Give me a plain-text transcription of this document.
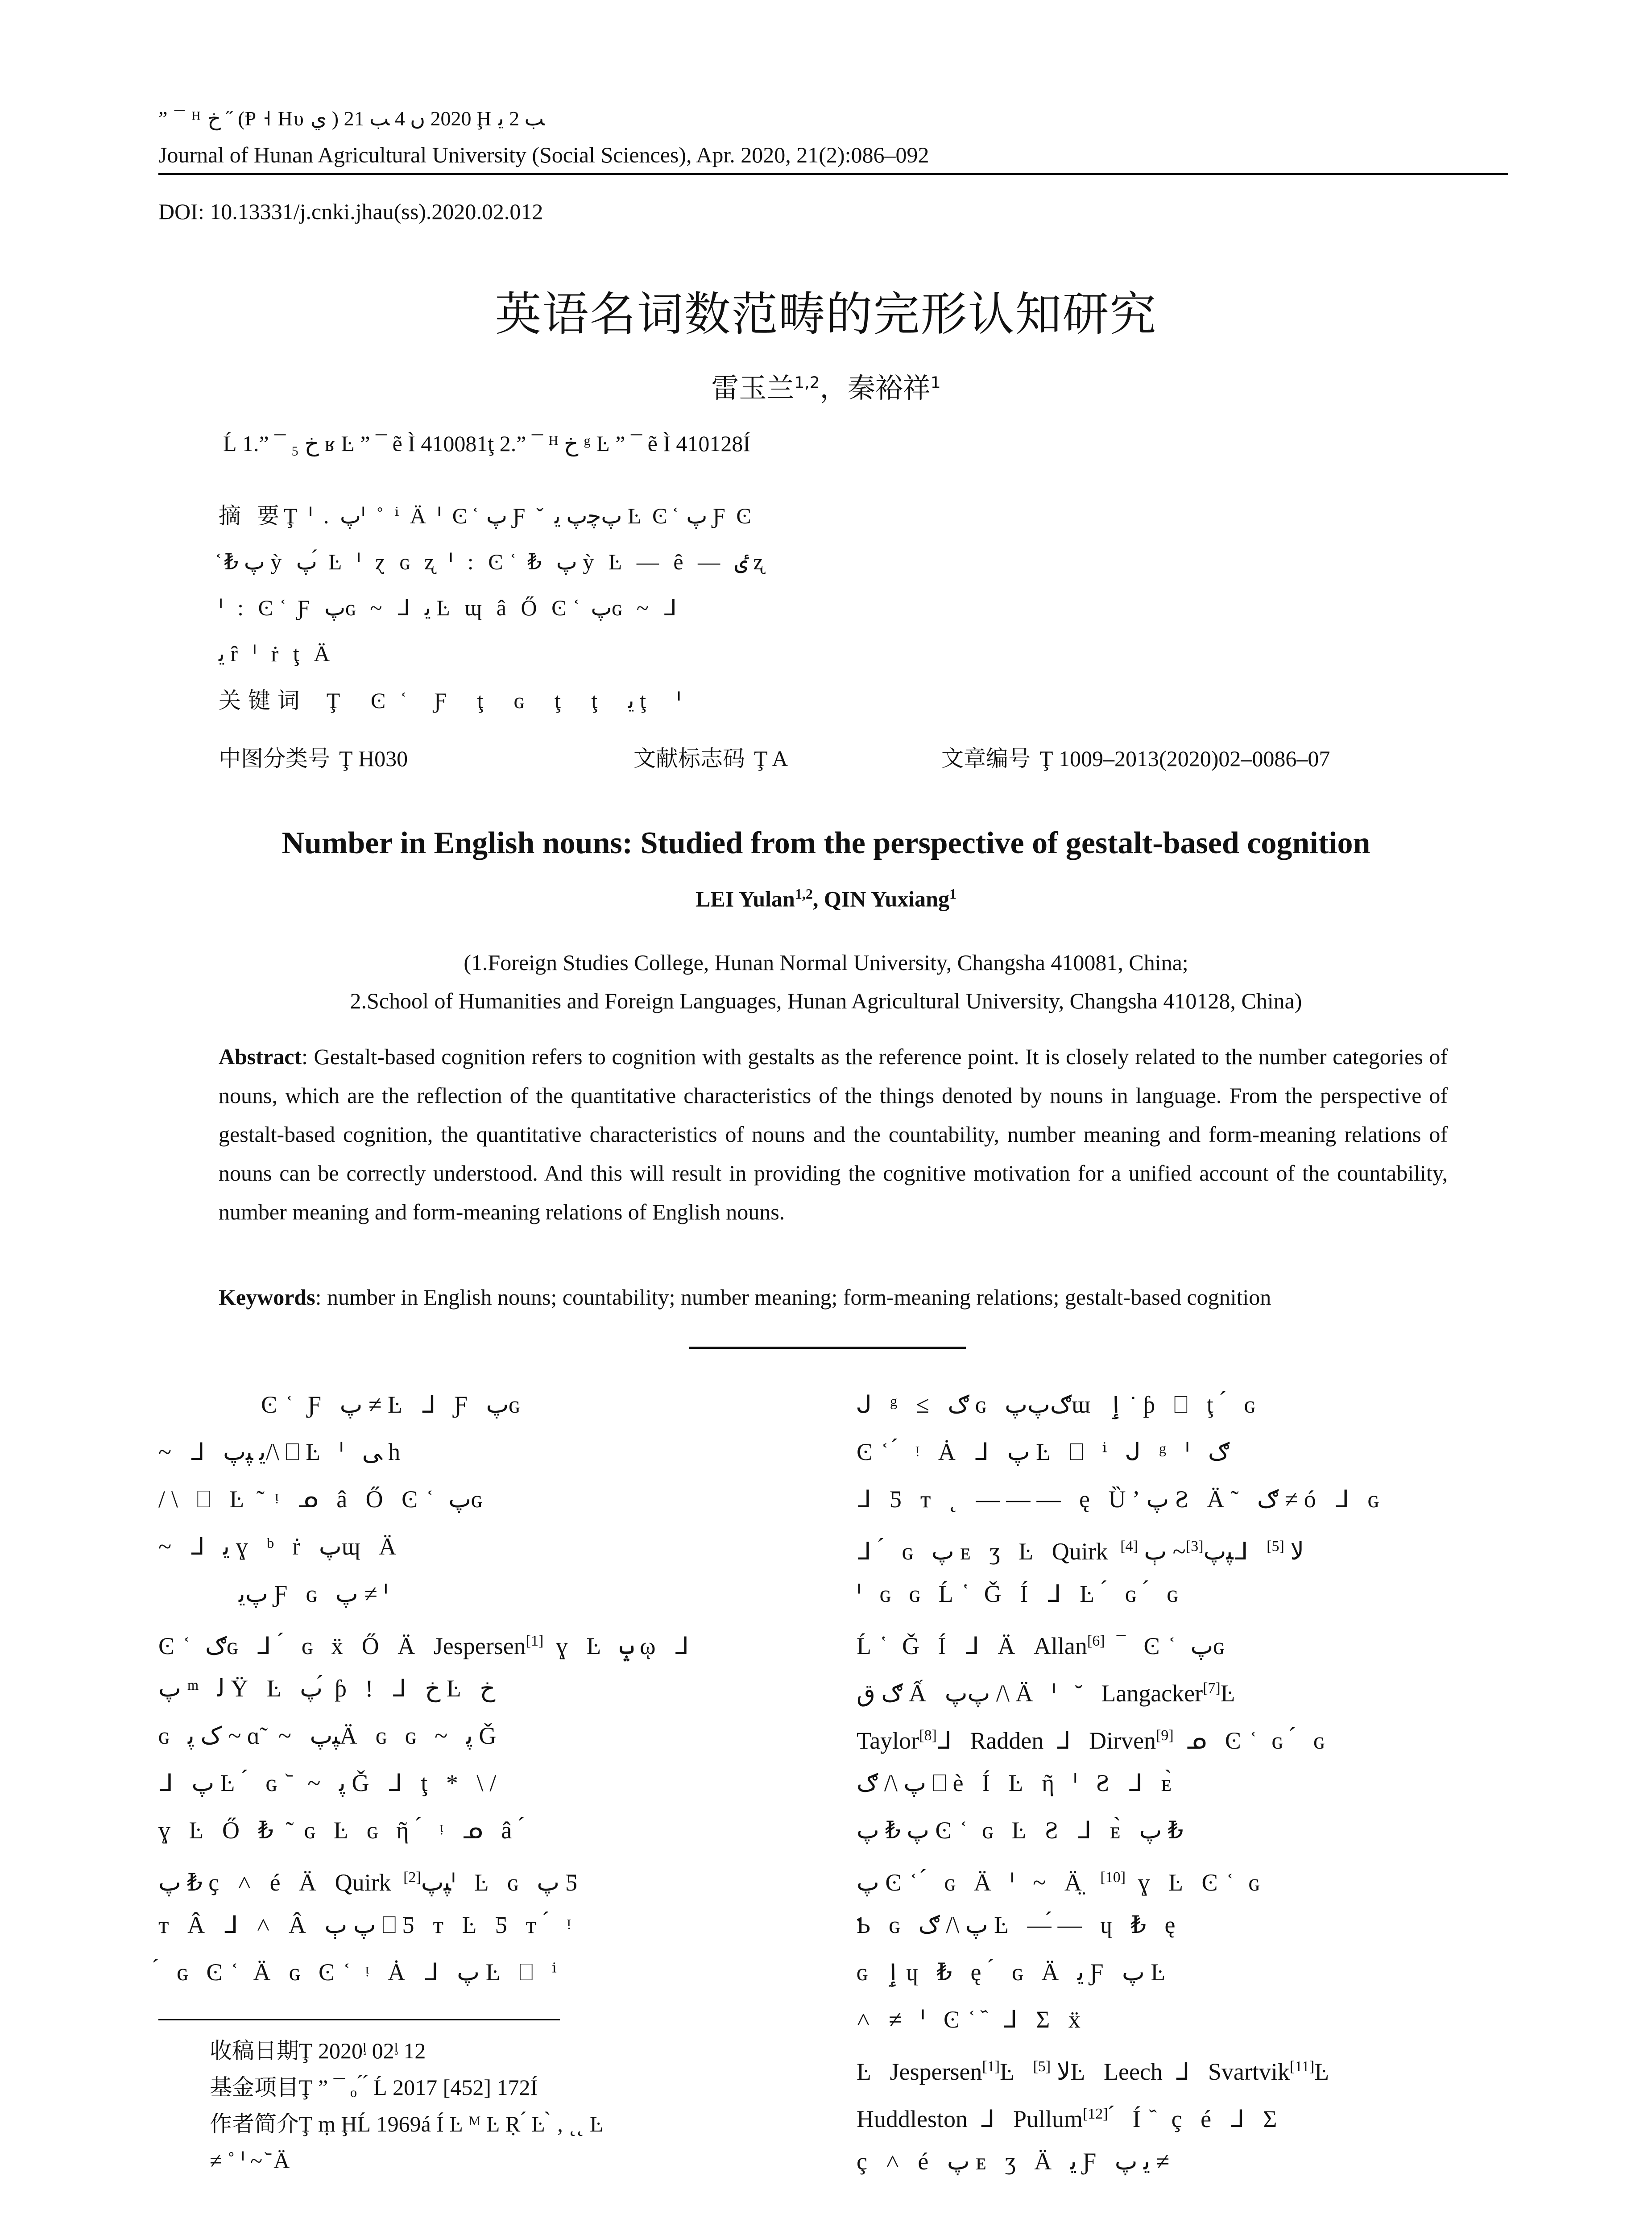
” ¯ ᴴ ﺥ ˝ (Ᵽ ˧ Hυ ي ) 2020 ں 4 ﺐ 21 Ḩ ﺐ 2 ﯾ
Journal of Hunan Agricultural University (Social Sciences), Apr. 2020, 21(2):086–092
DOI: 10.13331/j.cnki.jhau(ss).2020.02.012
英语名词数范畴的完形认知研究
雷玉兰$^{1,2}$，秦裕祥$^1$
Ĺ 1.” ¯ ₅ ﺥ ʁ Ŀ ” ¯ ẽ Ì 410081ţ 2.” ¯ ᴴ ﺥ ᵍ Ŀ ” ¯ ẽ Ì 410128Í
摘 要Ţ ᑊ . ﭖᑊ ˚ ⁱ Ä ᑊ Ͼ ᷾ ﭖ Ƒ ˇ ﭖﭼﭖ ﯾ Ŀ Ͼ ᷾ ﭖ Ƒ Ͼ
᷾ ₺ ﭖ ỳ ﭖ ́ Ŀ ᑊ ɀ ɢ ʐ ᑊ : Ͼ ᷾ ₺ ﭖ ỳ Ŀ — ȇ — ٸ ʐ
ᑊ : Ͼ ᷾ Ƒ ﭖɢ ~ ᒧ ﯾ Ŀ ɰ â Ő Ͼ ᷾ ﭖɢ ~ ᒧ
ﯾ ȓ ᑊ ṙ ţ Ä
关 键 词 Ţ Ͼ ᷾ Ƒ ţ ɢ ţ ţ ﯾ ţ ᑊ
中图分类号 Ţ H030	文献标志码 Ţ A	文章编号 Ţ 1009–2013(2020)02–0086–07
Number in English nouns: Studied from the perspective of gestalt-based cognition
LEI Yulan$^{1,2}$, QIN Yuxiang$^1$
(1.Foreign Studies College, Hunan Normal University, Changsha 410081, China;
2.School of Humanities and Foreign Languages, Hunan Agricultural University, Changsha 410128, China)
Abstract: Gestalt-based cognition refers to cognition with gestalts as the reference point. It is closely related to the number categories of nouns, which are the reflection of the quantitative characteristics of the things denoted by nouns in language. From the perspective of gestalt-based cognition, the quantitative characteristics of nouns and the countability, number meaning and form-meaning relations of nouns can be correctly understood. And this will result in providing the cognitive motivation for a unified account of the countability, number meaning and form-meaning relations of English nouns.
Keywords: number in English nouns; countability; number meaning; form-meaning relations; gestalt-based cognition
Ͼ ᷾ Ƒ ﭖ ≠ Ŀ ᒧ Ƒ ﭖɢ
~ ᒧ ﯾ ﭙﭖ/\ ⎕ Ŀ ᑊ ﯽ h
/\ ⎕ Ŀ ̃ ᵎ ᓄ â Ő Ͼ ᷾ ﭖɢ
~ ᒧ ﯾ ɣ ᵇ ṙ ﭖɰ Ä
ﭖﯾ Ƒ ɢ ﭖ ≠ ᑊ
Ͼ ᷾ ګɢ ᒧ ́ ɢ ẍ Ő Ä Jespersen[1] ɣ Ŀ ݒ ῳ ᒧ
ﭖ ᵐ ﻟ Ÿ Ŀ ﭖ ́ ƥ ! ᒧ ﺥ Ŀ ﺥ
ɢ ک ﭘ ~ ɑ̃ ~ ﭙﭖÄ ɢ ɢ ~ ﭘ Ǧ
ᒧ ﭖ Ŀ ́ ɢ ᷅ ~ ﭘ Ǧ ᒧ ţ * \/
ɣ Ŀ Ő ₺ ̃ ɢ Ŀ ɢ ῆ ́ ᵎ ᓄ â ́
ﭖ ₺ ҫ ˄ é Ä Quirk ﭙﭖ[2] ᑊ Ŀ ɢ ﭖ Ƽ
ᴛ Â ᒧ ˄ Â ﭖ ﭒ ⎕ Ƽ ᴛ Ŀ Ƽ ᴛ ́ ᵎ
́ ɢ Ͼ ᷾ Ä ɢ Ͼ ᷾ ᵎ Ȧ ᒧ ﭖ Ŀ ⎕ ⁱ
ᒍ ᵍ ≤ ګ ɢ ګﭖﭖɯ ٳ ˙ ƥ ⎕ ţ ́ ɢ
Ͼ ᷾ ́ ᵎ Ȧ ᒧ ﭖ Ŀ ⎕ ⁱ ᒍ ᵍ ᑊ ګ
ᒧ Ƽ ᴛ ˛ ——— ę Ȕ’ﭖ Ƨ Ä˜ ګ ≠ ó ᒧ ɢ
ᒧ ́ ɢ ﭖ ᴇ ʒ Ŀ Quirk ﭙﭖ[3]~ ٻ [4]	ᒧ ﻻ [5]
ᑊ ɢ ɢ Ĺ ̔ Ǧ Í ᒧ Ŀ ́ ɢ ́ ɢ
Ĺ ̔ Ǧ Í ᒧ Ä Allan[6] ‾ Ͼ ᷾ ﭖɢ
ګ ق Ấ ﭖﭖ /\ Ä ᑊ ˘ Langacker[7]Ŀ
Taylor[8]ᒧ Radden ᒧ Dirven[9] ᓄ Ͼ ᷾ ɢ ́ ɢ
ﭖ \/ ګ ⎕ è Í Ŀ ῆ ᑊ Ƨ ᒧ ᴇ̀
ﭖ ₺ ﭖ Ͼ ᷾ ɢ Ŀ Ƨ ᒧ ᴇ̀ ﭖ ₺
ﭖ Ͼ ᷾ ́ ɢ Ä ᑊ ~ Ä̤ [10] ɣ Ŀ Ͼ ᷾ ɢ
Ƅ ɢ ﭖ \/ ګ Ŀ —́— ɥ ₺ ę
ɢ ٳ ɥ ₺ ę ́ ɢ Ä ﯾ Ƒ ﭖ Ŀ
˄ ≠ ᑊ Ͼ ᷾ ᷈ ᒧ Σ ẍ
Ŀ Jespersen[1]Ŀ ﻻ [5] Ŀ Leech ᒧ Svartvik[11]Ŀ
Huddleston ᒧ Pullum[12] ́ Í ᷈ ç é ᒧ Σ
ç ˄ é ﭖ ᴇ ʒ Ä ﯾ Ƒ ﯾ ﭖ ≠
收稿日期Ţ 2020ᶪ 02ᶪ 12
基金项目Ţ ” ¯ ₒ ́ ́ Ĺ 2017 [452] 172Í
作者简介Ţ ṃ ḨĹ 1969á Í Ŀ ᴹ Ŀ Ṛ ́ Ŀ ̀ ‚ ˛˛ Ŀ
≠ ˚ ᑊ ~ ᷅ Ä
